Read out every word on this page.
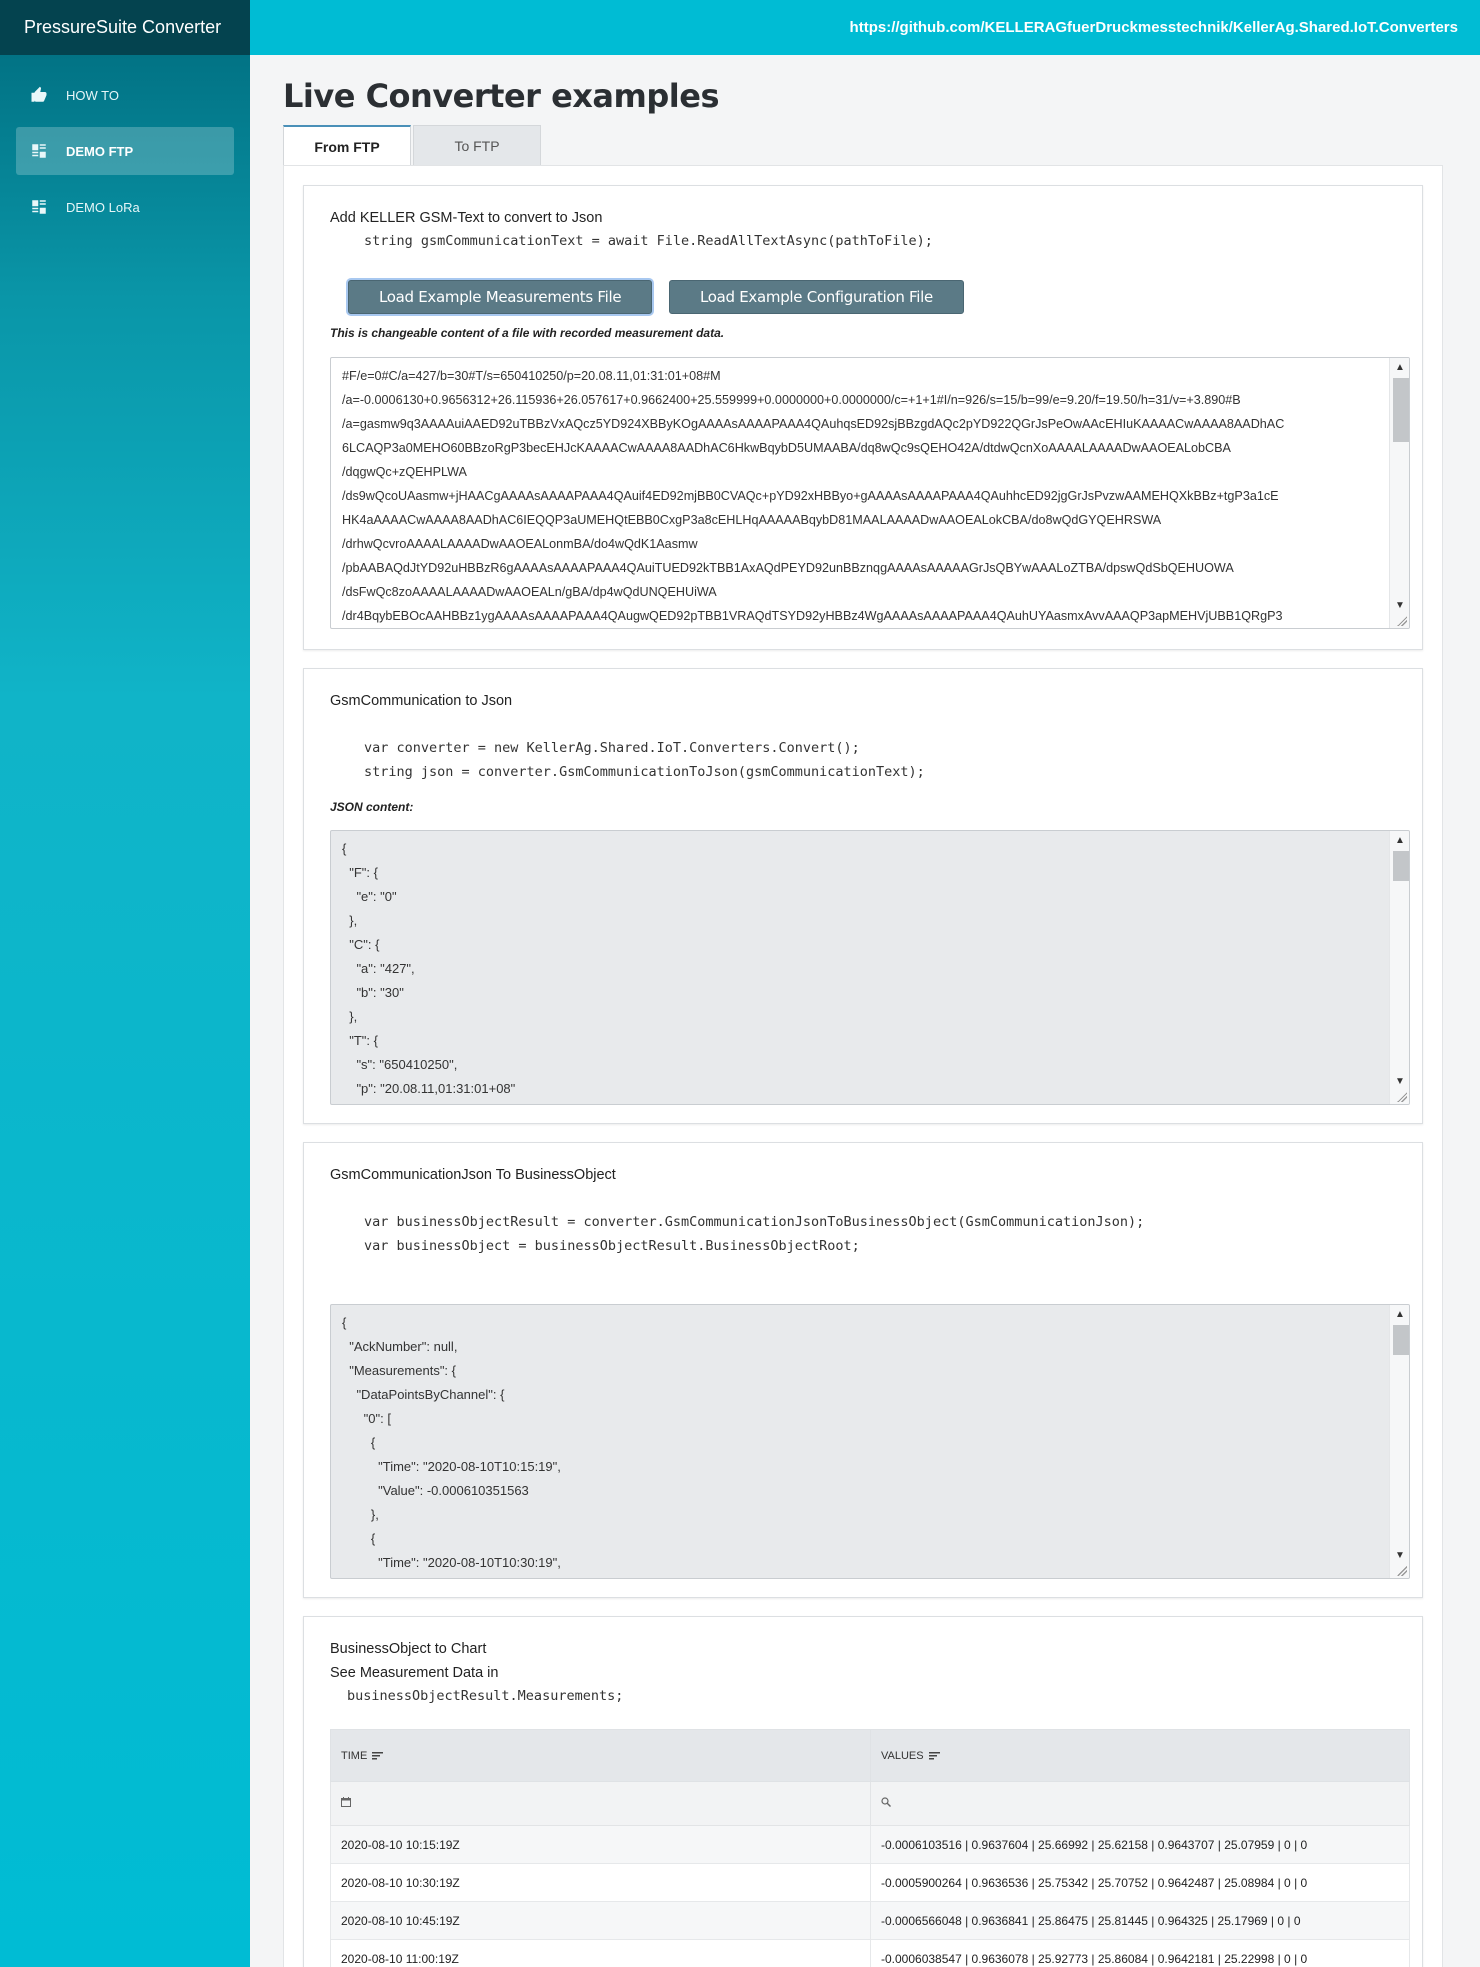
PressureSuite Converter
HOW TO
DEMO FTP
DEMO LoRa
https://github.com/KELLERAGfuerDruckmesstechnik/KellerAg.Shared.IoT.Converters
Live Converter examples
From FTP	To FTP
Add KELLER GSM-Text to convert to Json
string gsmCommunicationText = await File.ReadAllTextAsync(pathToFile);
Load Example Measurements File	Load Example Configuration File
This is changeable content of a file with recorded measurement data.
#F/e=0#C/a=427/b=30#T/s=650410250/p=20.08.11,01:31:01+08#M
/a=-0.0006130+0.9656312+26.115936+26.057617+0.9662400+25.559999+0.0000000+0.0000000/c=+1+1#I/n=926/s=15/b=99/e=9.20/f=19.50/h=31/v=+3.890#B
/a=gasmw9q3AAAAuiAAED92uTBBzVxAQcz5YD924XBByKOgAAAAsAAAAPAAA4QAuhqsED92sjBBzgdAQc2pYD922QGrJsPeOwAAcEHIuKAAAACwAAAA8AADhAC
6LCAQP3a0MEHO60BBzoRgP3becEHJcKAAAACwAAAA8AADhAC6HkwBqybD5UMAABA/dq8wQc9sQEHO42A/dtdwQcnXoAAAALAAAADwAAOEALobCBA
/dqgwQc+zQEHPLWA
/ds9wQcoUAasmw+jHAACgAAAAsAAAAPAAA4QAuif4ED92mjBB0CVAQc+pYD92xHBByo+gAAAAsAAAAPAAA4QAuhhcED92jgGrJsPvzwAAMEHQXkBBz+tgP3a1cE
HK4aAAAACwAAAA8AADhAC6IEQQP3aUMEHQtEBB0CxgP3a8cEHLHqAAAAABqybD81MAALAAAADwAAOEALokCBA/do8wQdGYQEHRSWA
/drhwQcvroAAAALAAAADwAAOEALonmBA/do4wQdK1Aasmw
/pbAABAQdJtYD92uHBBzR6gAAAAsAAAAPAAA4QAuiTUED92kTBB1AxAQdPEYD92unBBznqgAAAAsAAAAAGrJsQBYwAAALoZTBA/dpswQdSbQEHUOWA
/dsFwQc8zoAAAALAAAADwAAOEALn/gBA/dp4wQdUNQEHUiWA
/dr4BqybEBOcAAHBBz1ygAAAAsAAAAPAAA4QAugwQED92pTBB1VRAQdTSYD92yHBBz4WgAAAAsAAAAPAAA4QAuhUYAasmxAvvAAAQP3apMEHVjUBB1QRgP3
▲
▼
GsmCommunication to Json
var converter = new KellerAg.Shared.IoT.Converters.Convert();
string json = converter.GsmCommunicationToJson(gsmCommunicationText);
JSON content:
{
"F": {
"e": "0"
},
"C": {
"a": "427",
"b": "30"
},
"T": {
"s": "650410250",
"p": "20.08.11,01:31:01+08"
▲
▼
GsmCommunicationJson To BusinessObject
var businessObjectResult = converter.GsmCommunicationJsonToBusinessObject(GsmCommunicationJson);
var businessObject = businessObjectResult.BusinessObjectRoot;
{
"AckNumber": null,
"Measurements": {
"DataPointsByChannel": {
"0": [
{
"Time": "2020-08-10T10:15:19",
"Value": -0.000610351563
},
{
"Time": "2020-08-10T10:30:19",
▲
▼
BusinessObject to Chart
See Measurement Data in
businessObjectResult.Measurements;
TIME	VALUES

2020-08-10 10:15:19Z	-0.0006103516 | 0.9637604 | 25.66992 | 25.62158 | 0.9643707 | 25.07959 | 0 | 0
2020-08-10 10:30:19Z	-0.0005900264 | 0.9636536 | 25.75342 | 25.70752 | 0.9642487 | 25.08984 | 0 | 0
2020-08-10 10:45:19Z	-0.0006566048 | 0.9636841 | 25.86475 | 25.81445 | 0.964325 | 25.17969 | 0 | 0
2020-08-10 11:00:19Z	-0.0006038547 | 0.9636078 | 25.92773 | 25.86084 | 0.9642181 | 25.22998 | 0 | 0
